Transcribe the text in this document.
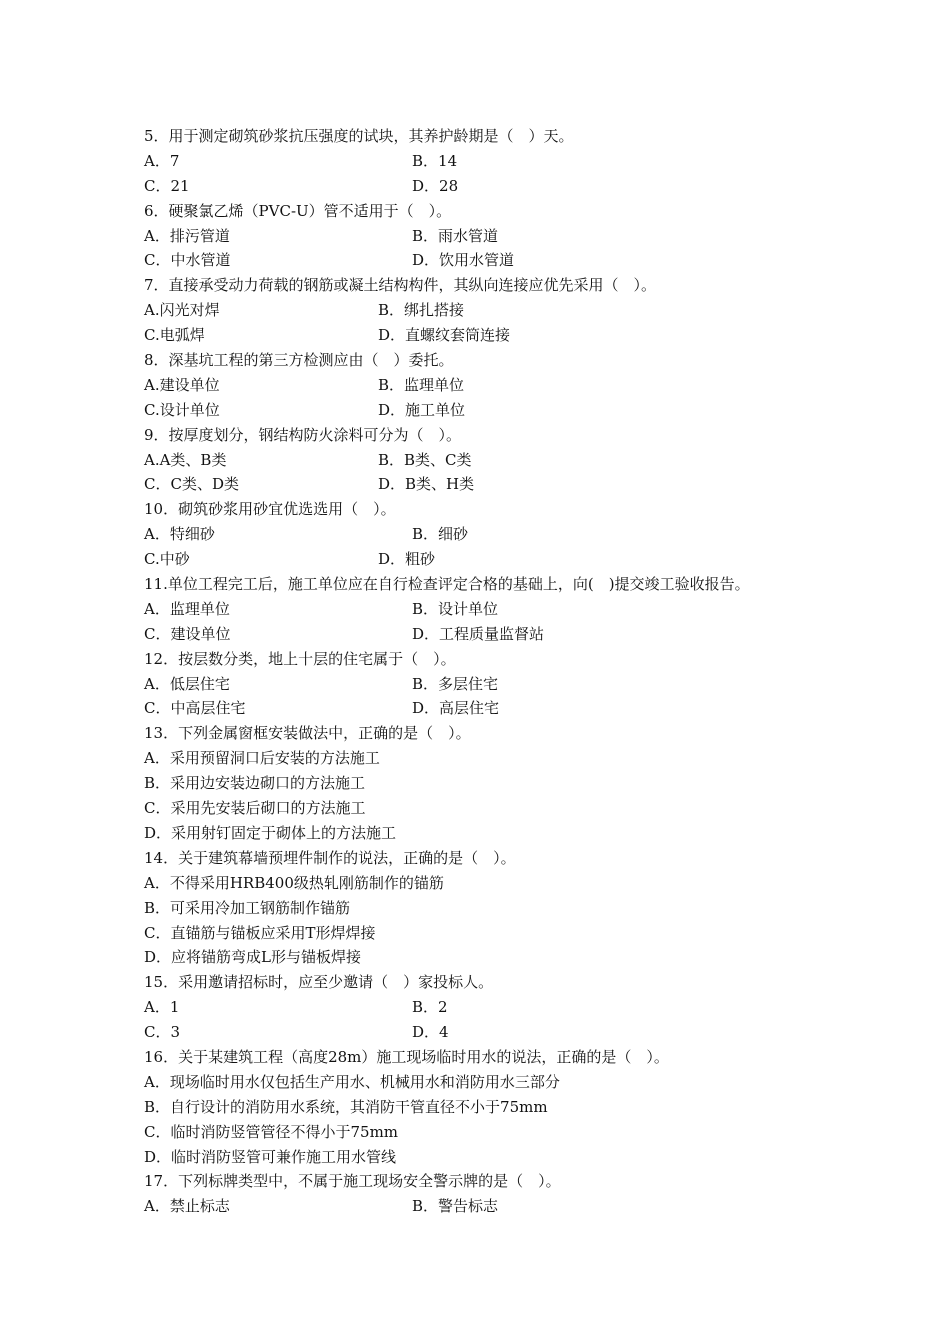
5．用于测定砌筑砂浆抗压强度的试块，其养护龄期是（　）天。
A．7	B．14
C．21	D．28
6．硬聚氯乙烯（PVC-U）管不适用于（　）。
A．排污管道	B．雨水管道
C．中水管道	D．饮用水管道
7．直接承受动力荷载的钢筋或凝土结构构件，其纵向连接应优先采用（　）。
A.闪光对焊	B．绑扎搭接
C.电弧焊	D．直螺纹套筒连接
8．深基坑工程的第三方检测应由（　）委托。
A.建设单位	B．监理单位
C.设计单位	D．施工单位
9．按厚度划分，钢结构防火涂料可分为（　）。
A.A类、B类	B．B类、C类
C．C类、D类	D．B类、H类
10．砌筑砂浆用砂宜优选选用（　）。
A．特细砂	B．细砂
C.中砂	D．粗砂
11.单位工程完工后，施工单位应在自行检查评定合格的基础上，向(　)提交竣工验收报告。
A．监理单位	B．设计单位
C．建设单位	D．工程质量监督站
12．按层数分类，地上十层的住宅属于（　）。
A．低层住宅	B．多层住宅
C．中高层住宅	D．高层住宅
13．下列金属窗框安装做法中，正确的是（　）。
A．采用预留洞口后安装的方法施工
B．采用边安装边砌口的方法施工
C．采用先安装后砌口的方法施工
D．采用射钉固定于砌体上的方法施工
14．关于建筑幕墙预埋件制作的说法，正确的是（　）。
A．不得采用HRB400级热轧刚筋制作的锚筋
B．可采用冷加工钢筋制作锚筋
C．直锚筋与锚板应采用T形焊焊接
D．应将锚筋弯成L形与锚板焊接
15．采用邀请招标时，应至少邀请（　）家投标人。
A．1	B．2
C．3	D．4
16．关于某建筑工程（高度28m）施工现场临时用水的说法，正确的是（　）。
A．现场临时用水仅包括生产用水、机械用水和消防用水三部分
B．自行设计的消防用水系统，其消防干管直径不小于75mm
C．临时消防竖管管径不得小于75mm
D．临时消防竖管可兼作施工用水管线
17．下列标牌类型中，不属于施工现场安全警示牌的是（　）。
A．禁止标志	B．警告标志
